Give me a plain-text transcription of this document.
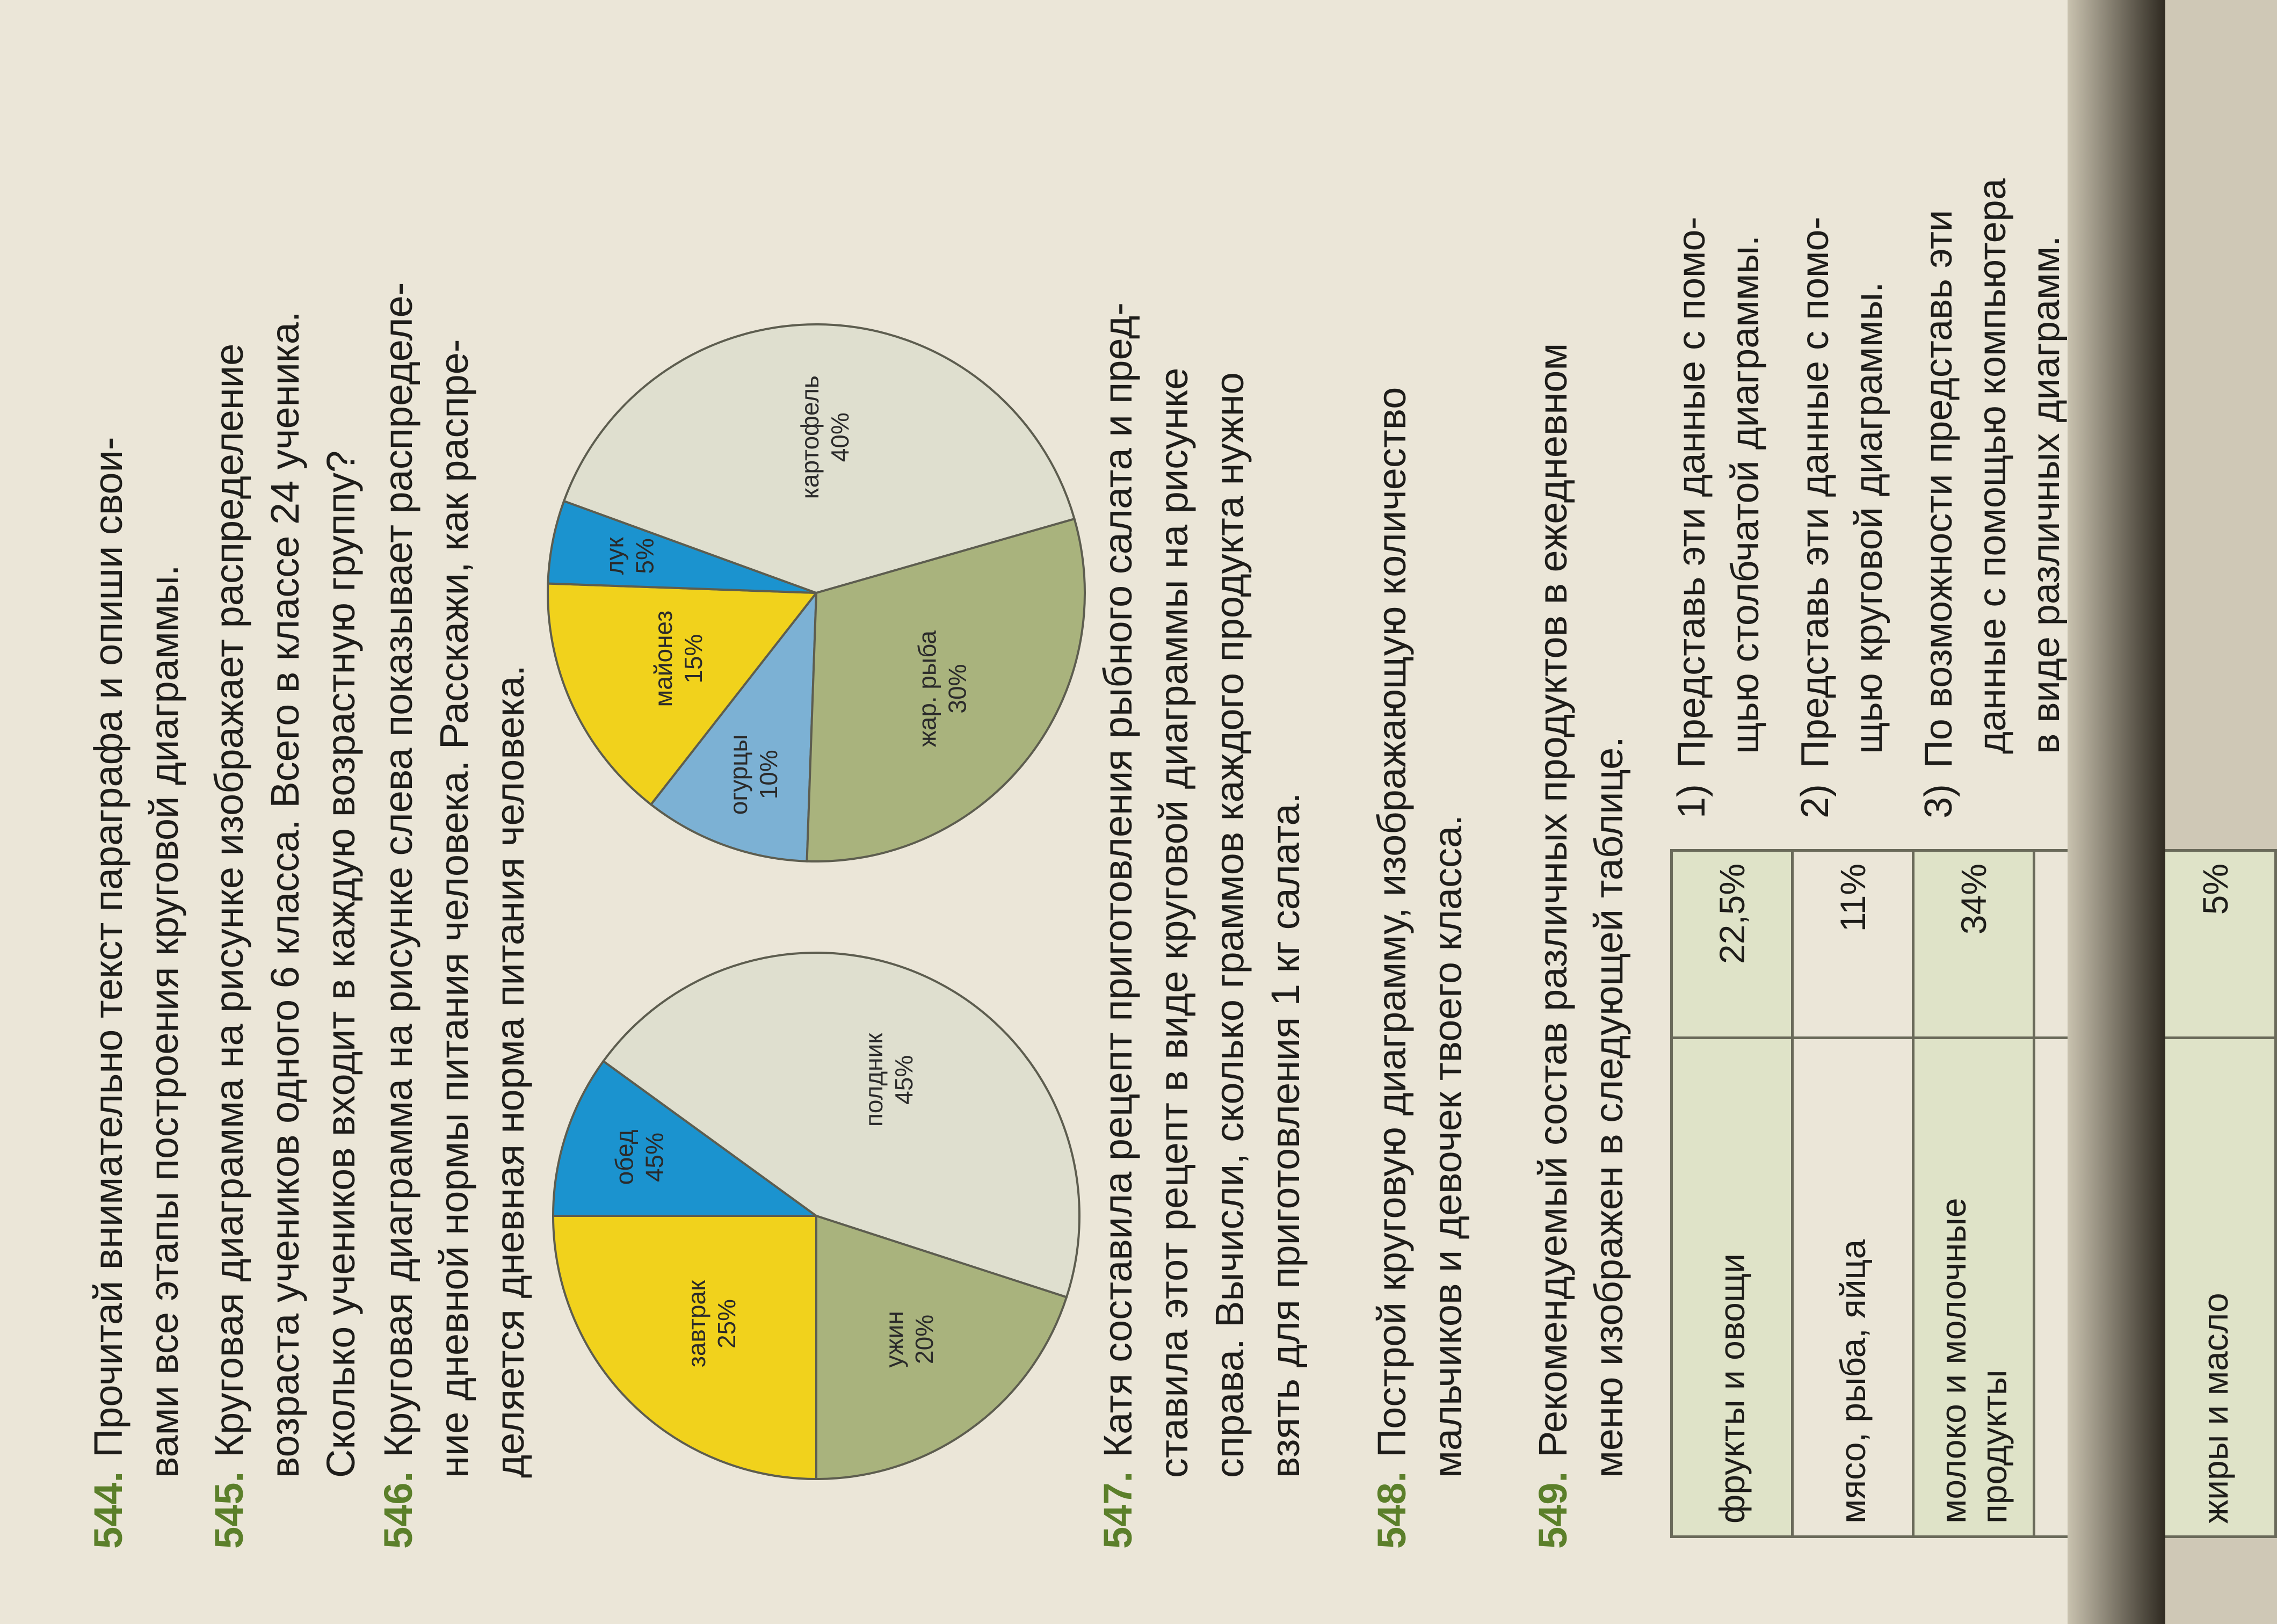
544.Прочитай внимательно текст параграфа и опиши свои- вами все этапы построения круговой диаграммы.
545.Круговая диаграмма на рисунке изображает распределение возраста учеников одного 6 класса. Всего в классе 24 ученика. Сколько учеников входит в каждую возрастную группу?
546.Круговая диаграмма на рисунке слева показывает распределе- ние дневной нормы питания человека. Расскажи, как распре- деляется дневная норма питания человека.	завтрак 25%
обед 45%
полдник 45%
ужин 20%
огурцы 10%
майонез 15%
лук 5%
картофель 40%
жар. рыба 30%
547.Катя составила рецепт приготовления рыбного салата и пред- ставила этот рецепт в виде круговой диаграммы на рисунке справа. Вычисли, сколько граммов каждого продукта нужно взять для приготовления 1 кг салата.
548.Построй круговую диаграмму, изображающую количество мальчиков и девочек твоего класса.
549.Рекомендуемый состав различных продуктов в ежедневном меню изображен в следующей таблице. фрукты и овощи	22,5%
мясо, рыба, яйца	11%
молоко и молочные продукты	34%

жиры и масло	5%
1)Представь эти данные с помо- щью столбчатой диаграммы.
2)Представь эти данные с помо- щью круговой диаграммы.
3)По возможности представь эти данные с помощью компьютера в виде различных диаграмм.
